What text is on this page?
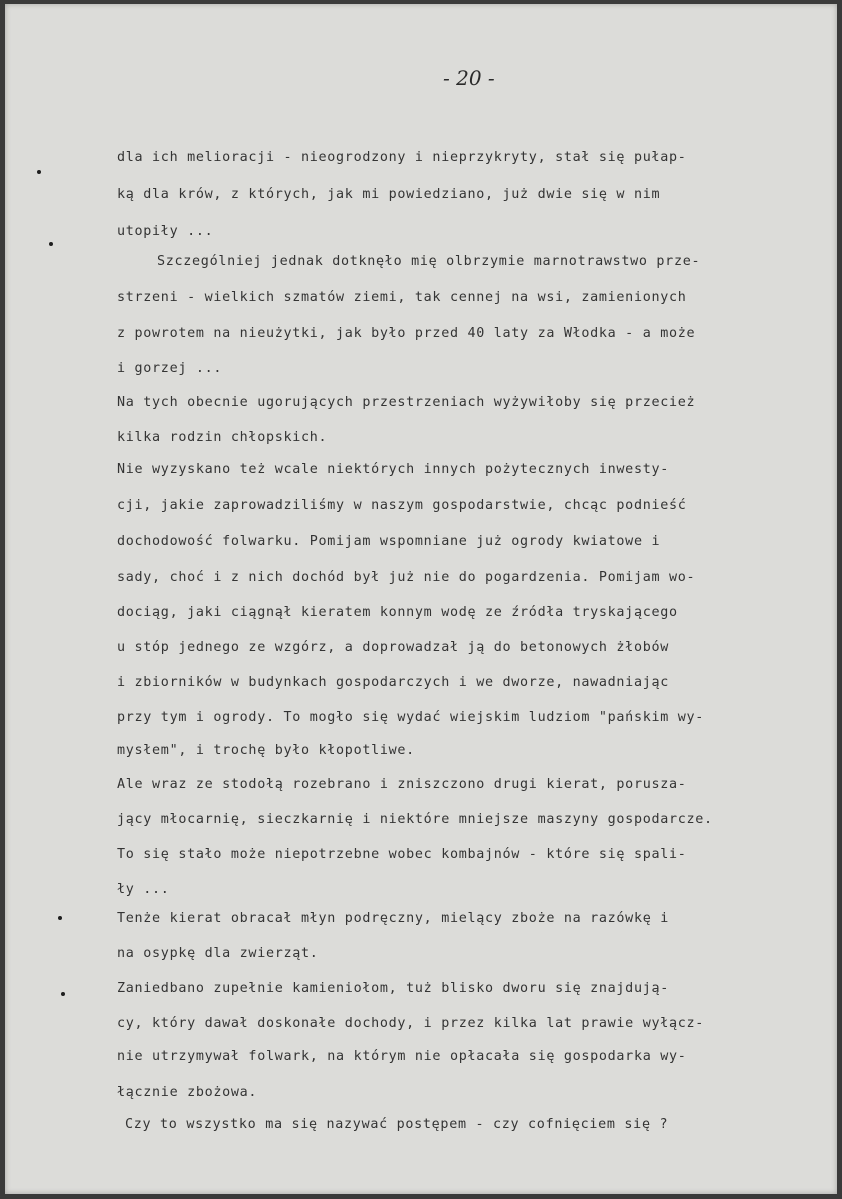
- 20 -
dla ich melioracji - nieogrodzony i nieprzykryty, stał się pułap-
ką dla krów, z których, jak mi powiedziano, już dwie się w nim
utopiły ...
Szczególniej jednak dotknęło mię olbrzymie marnotrawstwo prze-
strzeni - wielkich szmatów ziemi, tak cennej na wsi, zamienionych
z powrotem na nieużytki, jak było przed 40 laty za Włodka - a może
i gorzej ...
Na tych obecnie ugorujących przestrzeniach wyżywiłoby się przecież
kilka rodzin chłopskich.
Nie wyzyskano też wcale niektórych innych pożytecznych inwesty-
cji, jakie zaprowadziliśmy w naszym gospodarstwie, chcąc podnieść
dochodowość folwarku. Pomijam wspomniane już ogrody kwiatowe i
sady, choć i z nich dochód był już nie do pogardzenia. Pomijam wo-
dociąg, jaki ciągnął kieratem konnym wodę ze źródła tryskającego
u stóp jednego ze wzgórz, a doprowadzał ją do betonowych żłobów
i zbiorników w budynkach gospodarczych i we dworze, nawadniając
przy tym i ogrody. To mogło się wydać wiejskim ludziom "pańskim wy-
mysłem", i trochę było kłopotliwe.
Ale wraz ze stodołą rozebrano i zniszczono drugi kierat, porusza-
jący młocarnię, sieczkarnię i niektóre mniejsze maszyny gospodarcze.
To się stało może niepotrzebne wobec kombajnów - które się spali-
ły ...
Tenże kierat obracał młyn podręczny, mielący zboże na razówkę i
na osypkę dla zwierząt.
Zaniedbano zupełnie kamieniołom, tuż blisko dworu się znajdują-
cy, który dawał doskonałe dochody, i przez kilka lat prawie wyłącz-
nie utrzymywał folwark, na którym nie opłacała się gospodarka wy-
łącznie zbożowa.
Czy to wszystko ma się nazywać postępem - czy cofnięciem się ?
